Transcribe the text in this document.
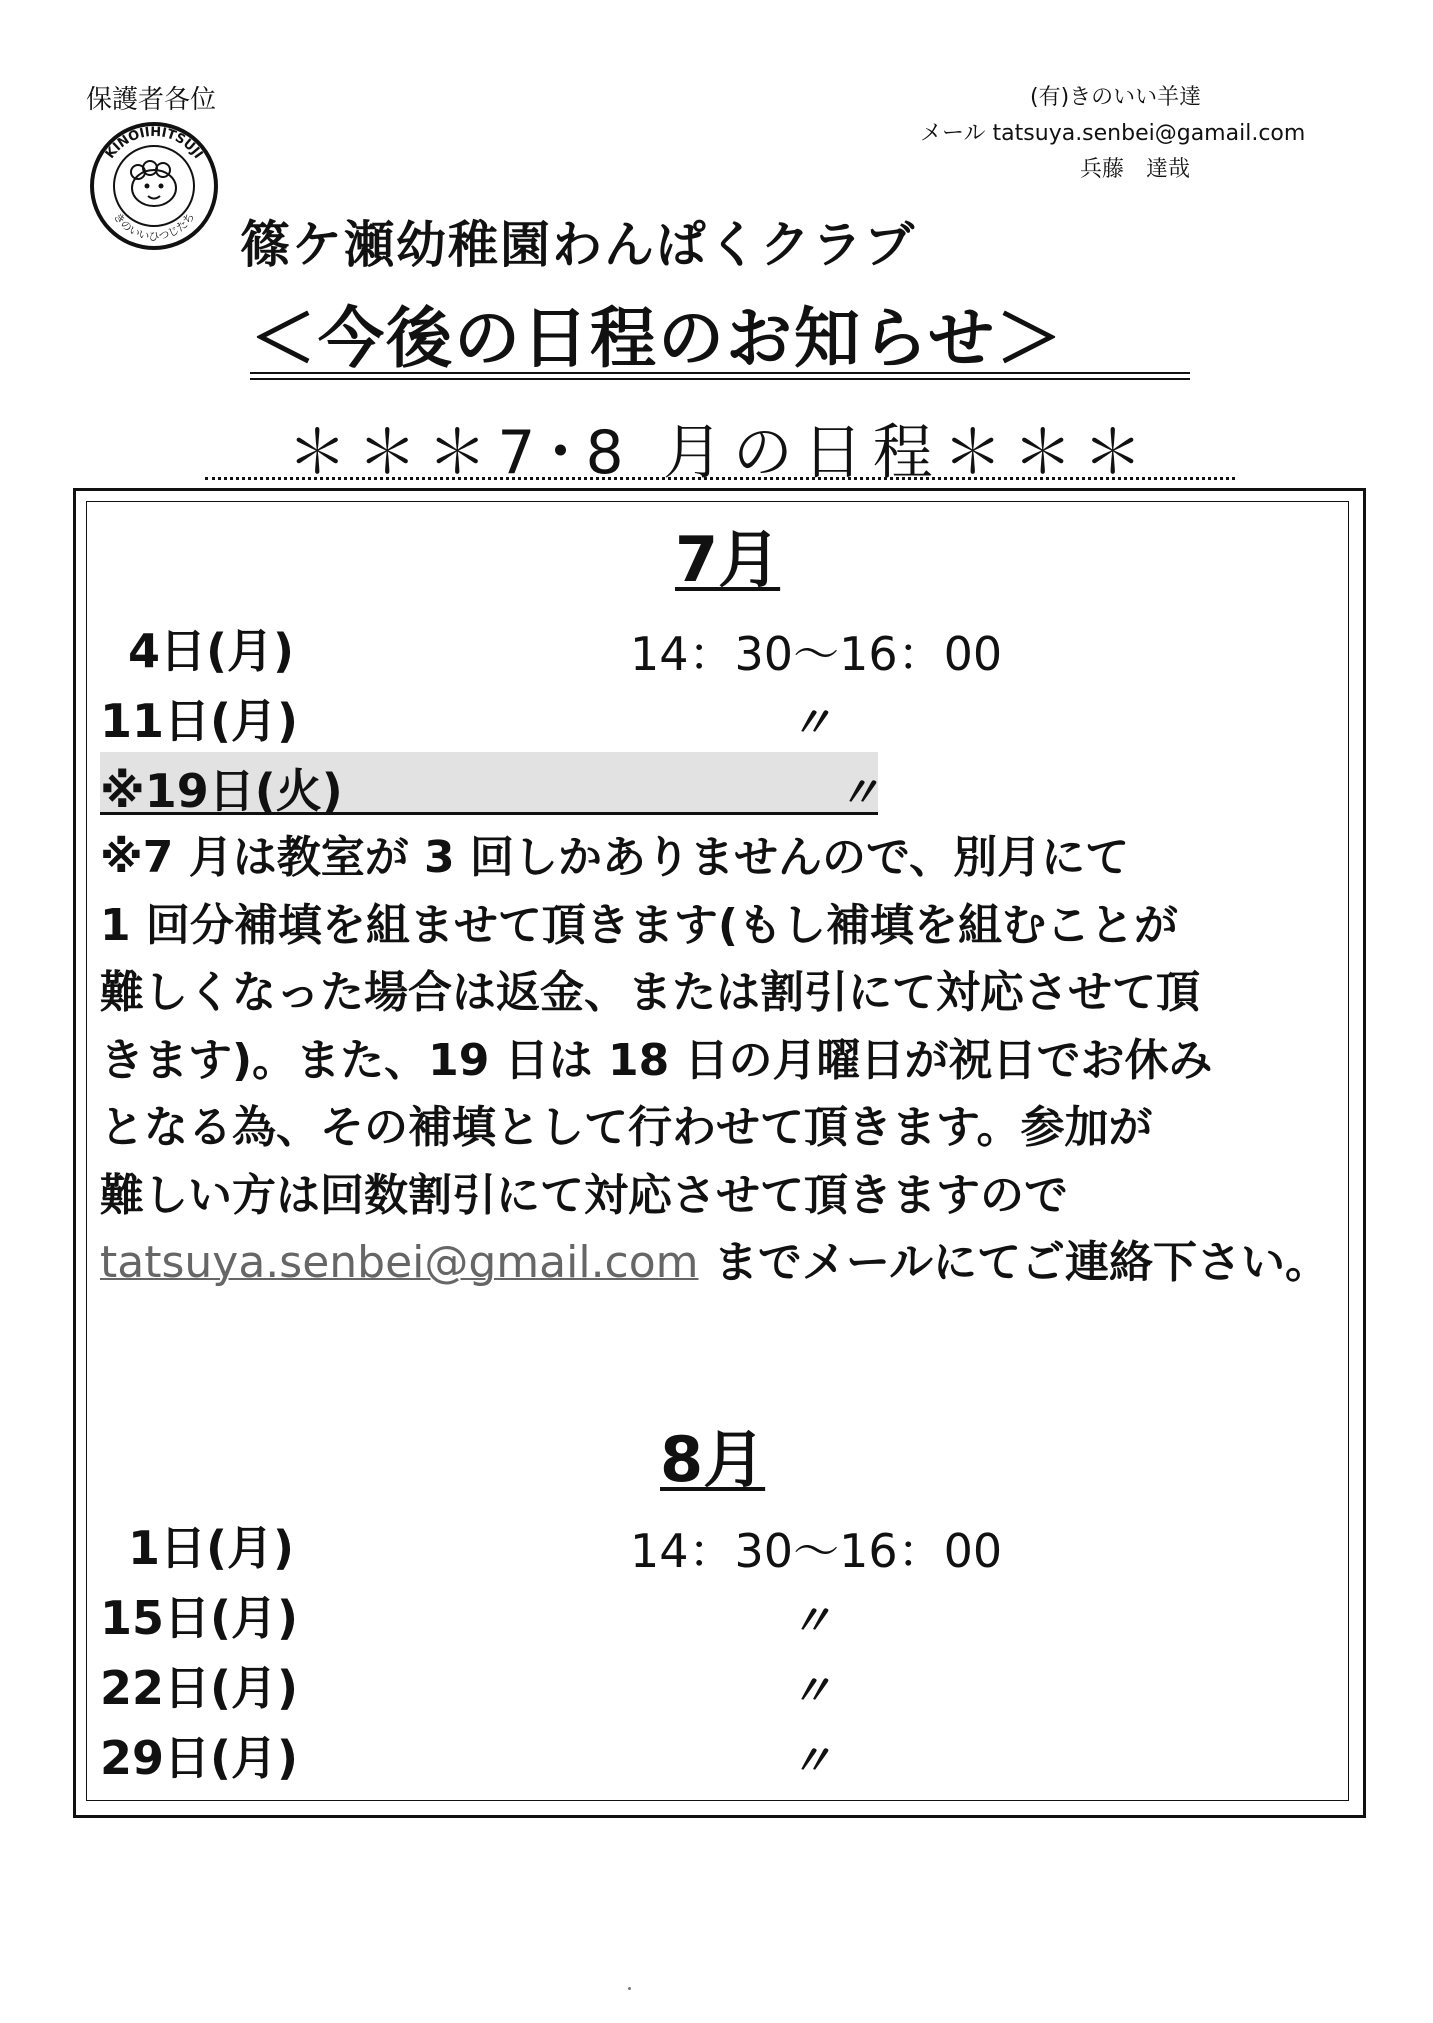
保護者各位	(有)きのいい羊達
メール tatsuya.senbei@gamail.com
兵藤　達哉
KINOIIHITSUJI
きのいいひつじたち 篠ケ瀬幼稚園わんぱくクラブ
＜今後の日程のお知らせ＞
＊＊＊7･8 月の日程＊＊＊
7月
4日(月)	14：30～16：00
11日(月)	〃
※19日(火)	〃

※7 月は教室が 3 回しかありませんので、別月にて

1 回分補填を組ませて頂きます(もし補填を組むことが

難しくなった場合は返金、または割引にて対応させて頂

きます)。また、19 日は 18 日の月曜日が祝日でお休み

となる為、その補填として行わせて頂きます。参加が

難しい方は回数割引にて対応させて頂きますので

tatsuya.senbei@gmail.com までメールにてご連絡下さい。

8月
1日(月)	14：30～16：00
15日(月)	〃
22日(月)	〃
29日(月)	〃
